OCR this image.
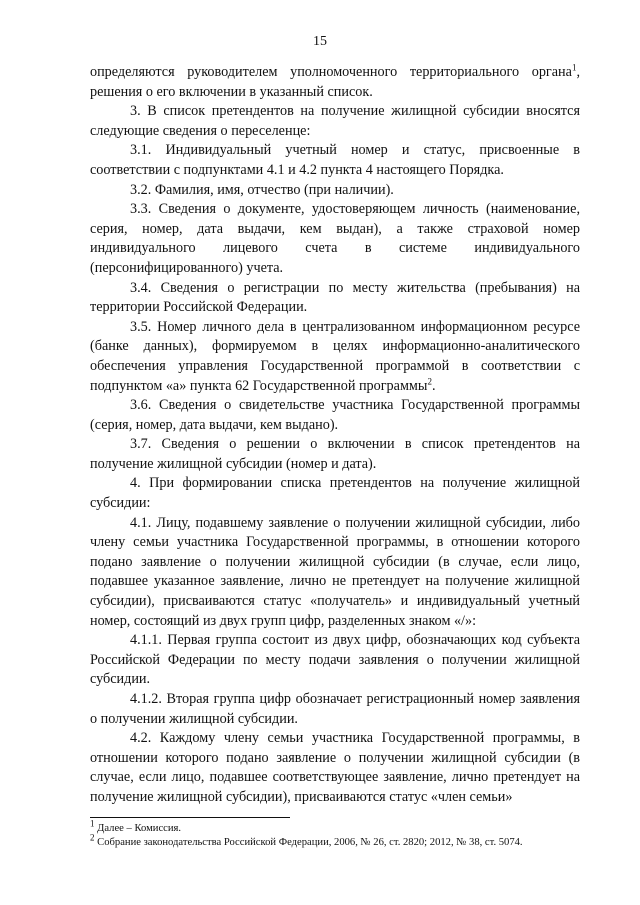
15

определяются руководителем уполномоченного территориального органа$^1$, решения о его включении в указанный список.

3. В список претендентов на получение жилищной субсидии вносятся следующие сведения о переселенце:

3.1. Индивидуальный учетный номер и статус, присвоенные в соответствии с подпунктами 4.1 и 4.2 пункта 4 настоящего Порядка.

3.2. Фамилия, имя, отчество (при наличии).

3.3. Сведения о документе, удостоверяющем личность (наименование, серия, номер, дата выдачи, кем выдан), а также страховой номер индивидуального лицевого счета в системе индивидуального (персонифицированного) учета.

3.4. Сведения о регистрации по месту жительства (пребывания) на территории Российской Федерации.

3.5. Номер личного дела в централизованном информационном ресурсе (банке данных), формируемом в целях информационно-аналитического обеспечения управления Государственной программой в соответствии с подпунктом «а» пункта 62 Государственной программы$^2$.

3.6. Сведения о свидетельстве участника Государственной программы (серия, номер, дата выдачи, кем выдано).

3.7. Сведения о решении о включении в список претендентов на получение жилищной субсидии (номер и дата).

4. При формировании списка претендентов на получение жилищной субсидии:

4.1. Лицу, подавшему заявление о получении жилищной субсидии, либо члену семьи участника Государственной программы, в отношении которого подано заявление о получении жилищной субсидии (в случае, если лицо, подавшее указанное заявление, лично не претендует на получение жилищной субсидии), присваиваются статус «получатель» и индивидуальный учетный номер, состоящий из двух групп цифр, разделенных знаком «/»:

4.1.1. Первая группа состоит из двух цифр, обозначающих код субъекта Российской Федерации по месту подачи заявления о получении жилищной субсидии.

4.1.2. Вторая группа цифр обозначает регистрационный номер заявления о получении жилищной субсидии.

4.2. Каждому члену семьи участника Государственной программы, в отношении которого подано заявление о получении жилищной субсидии (в случае, если лицо, подавшее соответствующее заявление, лично претендует на получение жилищной субсидии), присваиваются статус «член семьи»

$^1$ Далее – Комиссия.

$^2$ Собрание законодательства Российской Федерации, 2006, № 26, ст. 2820; 2012, № 38, ст. 5074.
